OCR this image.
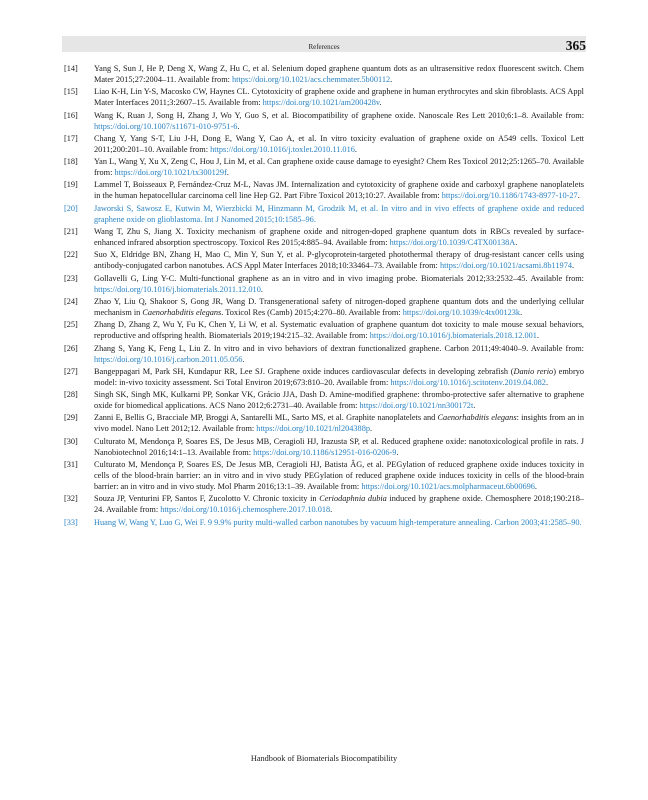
References	365
[14] Yang S, Sun J, He P, Deng X, Wang Z, Hu C, et al. Selenium doped graphene quantum dots as an ultrasensitive redox fluorescent switch. Chem Mater 2015;27:2004–11. Available from: https://doi.org/10.1021/acs.chemmater.5b00112.
[15] Liao K-H, Lin Y-S, Macosko CW, Haynes CL. Cytotoxicity of graphene oxide and graphene in human erythrocytes and skin fibroblasts. ACS Appl Mater Interfaces 2011;3:2607–15. Available from: https://doi.org/10.1021/am200428v.
[16] Wang K, Ruan J, Song H, Zhang J, Wo Y, Guo S, et al. Biocompatibility of graphene oxide. Nanoscale Res Lett 2010;6:1–8. Available from: https://doi.org/10.1007/s11671-010-9751-6.
[17] Chang Y, Yang S-T, Liu J-H, Dong E, Wang Y, Cao A, et al. In vitro toxicity evaluation of graphene oxide on A549 cells. Toxicol Lett 2011;200:201–10. Available from: https://doi.org/10.1016/j.toxlet.2010.11.016.
[18] Yan L, Wang Y, Xu X, Zeng C, Hou J, Lin M, et al. Can graphene oxide cause damage to eyesight? Chem Res Toxicol 2012;25:1265–70. Available from: https://doi.org/10.1021/tx300129f.
[19] Lammel T, Boisseaux P, Fernández-Cruz M-L, Navas JM. Internalization and cytotoxicity of graphene oxide and carboxyl graphene nanoplatelets in the human hepatocellular carcinoma cell line Hep G2. Part Fibre Toxicol 2013;10:27. Available from: https://doi.org/10.1186/1743-8977-10-27.
[20] Jaworski S, Sawosz E, Kutwin M, Wierzbicki M, Hinzmann M, Grodzik M, et al. In vitro and in vivo effects of graphene oxide and reduced graphene oxide on glioblastoma. Int J Nanomed 2015;10:1585–96.
[21] Wang T, Zhu S, Jiang X. Toxicity mechanism of graphene oxide and nitrogen-doped graphene quantum dots in RBCs revealed by surface-enhanced infrared absorption spectroscopy. Toxicol Res 2015;4:885–94. Available from: https://doi.org/10.1039/C4TX00138A.
[22] Suo X, Eldridge BN, Zhang H, Mao C, Min Y, Sun Y, et al. P-glycoprotein-targeted photothermal therapy of drug-resistant cancer cells using antibody-conjugated carbon nanotubes. ACS Appl Mater Interfaces 2018;10:33464–73. Available from: https://doi.org/10.1021/acsami.8b11974.
[23] Gollavelli G, Ling Y-C. Multi-functional graphene as an in vitro and in vivo imaging probe. Biomaterials 2012;33:2532–45. Available from: https://doi.org/10.1016/j.biomaterials.2011.12.010.
[24] Zhao Y, Liu Q, Shakoor S, Gong JR, Wang D. Transgenerational safety of nitrogen-doped graphene quantum dots and the underlying cellular mechanism in Caenorhabditis elegans. Toxicol Res (Camb) 2015;4:270–80. Available from: https://doi.org/10.1039/c4tx00123k.
[25] Zhang D, Zhang Z, Wu Y, Fu K, Chen Y, Li W, et al. Systematic evaluation of graphene quantum dot toxicity to male mouse sexual behaviors, reproductive and offspring health. Biomaterials 2019;194:215–32. Available from: https://doi.org/10.1016/j.biomaterials.2018.12.001.
[26] Zhang S, Yang K, Feng L, Liu Z. In vitro and in vivo behaviors of dextran functionalized graphene. Carbon 2011;49:4040–9. Available from: https://doi.org/10.1016/j.carbon.2011.05.056.
[27] Bangeppagari M, Park SH, Kundapur RR, Lee SJ. Graphene oxide induces cardiovascular defects in developing zebrafish (Danio rerio) embryo model: in-vivo toxicity assessment. Sci Total Environ 2019;673:810–20. Available from: https://doi.org/10.1016/j.scitotenv.2019.04.082.
[28] Singh SK, Singh MK, Kulkarni PP, Sonkar VK, Grácio JJA, Dash D. Amine-modified graphene: thrombo-protective safer alternative to graphene oxide for biomedical applications. ACS Nano 2012;6:2731–40. Available from: https://doi.org/10.1021/nn300172t.
[29] Zanni E, Bellis G, Bracciale MP, Broggi A, Santarelli ML, Sarto MS, et al. Graphite nanoplatelets and Caenorhabditis elegans: insights from an in vivo model. Nano Lett 2012;12. Available from: https://doi.org/10.1021/nl204388p.
[30] Culturato M, Mendonça P, Soares ES, De Jesus MB, Ceragioli HJ, Irazusta SP, et al. Reduced graphene oxide: nanotoxicological profile in rats. J Nanobiotechnol 2016;14:1–13. Available from: https://doi.org/10.1186/s12951-016-0206-9.
[31] Culturato M, Mendonça P, Soares ES, De Jesus MB, Ceragioli HJ, Batista ÂG, et al. PEGylation of reduced graphene oxide induces toxicity in cells of the blood-brain barrier: an in vitro and in vivo study PEGylation of reduced graphene oxide induces toxicity in cells of the blood-brain barrier: an in vitro and in vivo study. Mol Pharm 2016;13:1–39. Available from: https://doi.org/10.1021/acs.molpharmaceut.6b00696.
[32] Souza JP, Venturini FP, Santos F, Zucolotto V. Chronic toxicity in Ceriodaphnia dubia induced by graphene oxide. Chemosphere 2018;190:218–24. Available from: https://doi.org/10.1016/j.chemosphere.2017.10.018.
[33] Huang W, Wang Y, Luo G, Wei F. 9 9.9% purity multi-walled carbon nanotubes by vacuum high-temperature annealing. Carbon 2003;41:2585–90.
Handbook of Biomaterials Biocompatibility
